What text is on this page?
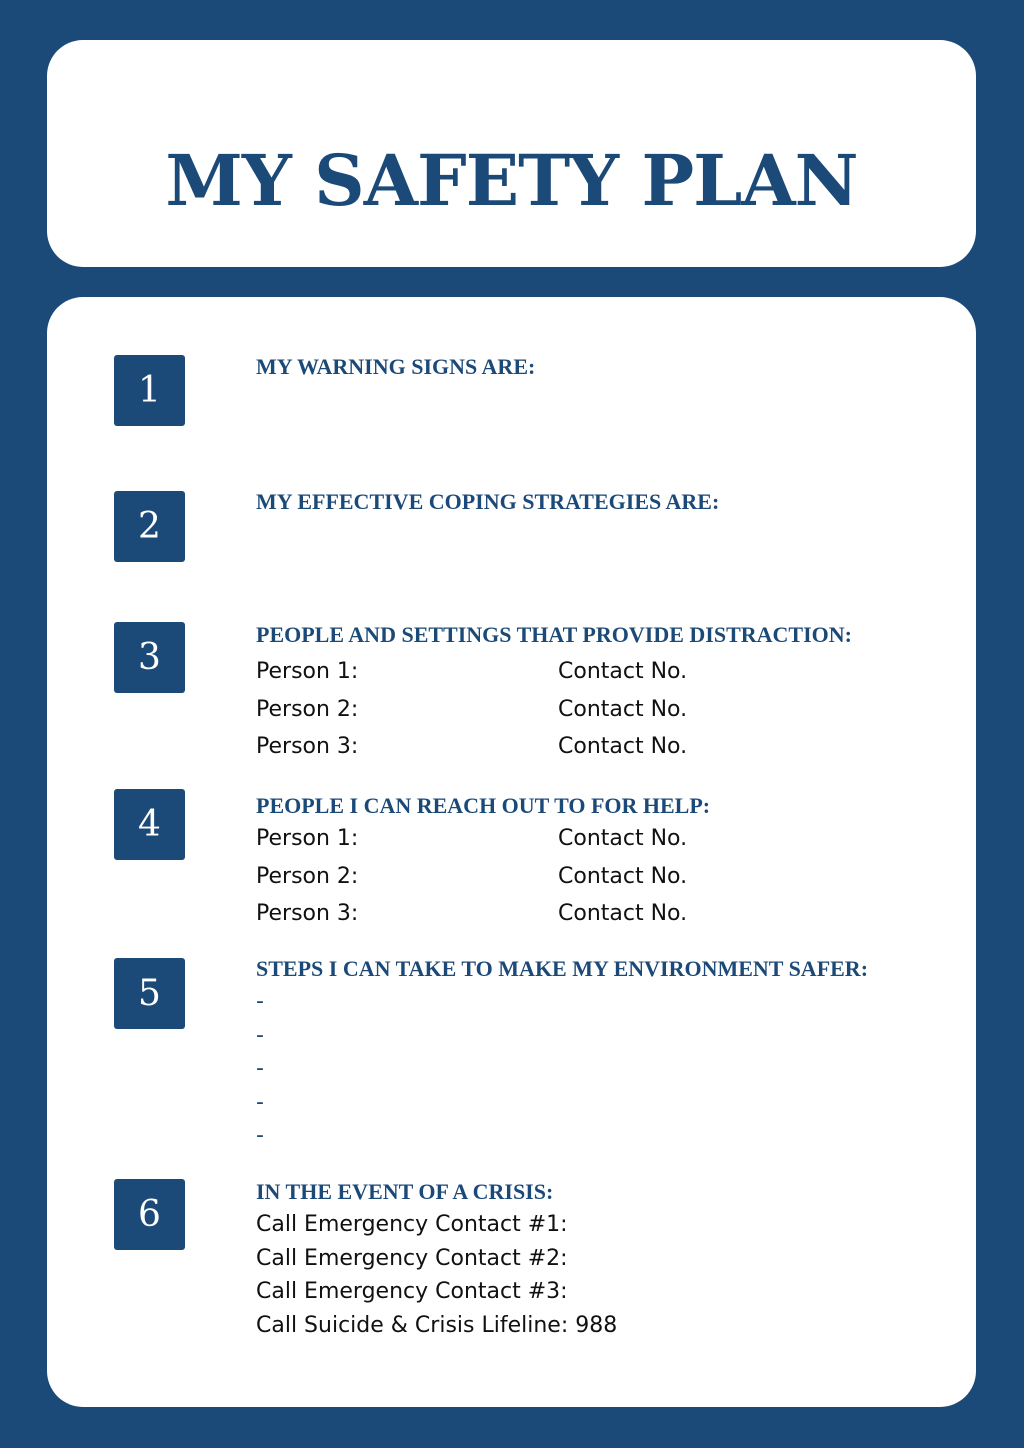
MY SAFETY PLAN
1
MY WARNING SIGNS ARE:
2
MY EFFECTIVE COPING STRATEGIES ARE:
3
PEOPLE AND SETTINGS THAT PROVIDE DISTRACTION:
Person 1:	Contact No.
Person 2:	Contact No.
Person 3:	Contact No.
4	PEOPLE I CAN REACH OUT TO FOR HELP:
Person 1:	Contact No.
Person 2:	Contact No.
Person 3:	Contact No.
5
STEPS I CAN TAKE TO MAKE MY ENVIRONMENT SAFER:
-
-
-
-
-
6
IN THE EVENT OF A CRISIS:
Call Emergency Contact #1:
Call Emergency Contact #2:
Call Emergency Contact #3:
Call Suicide & Crisis Lifeline: 988
